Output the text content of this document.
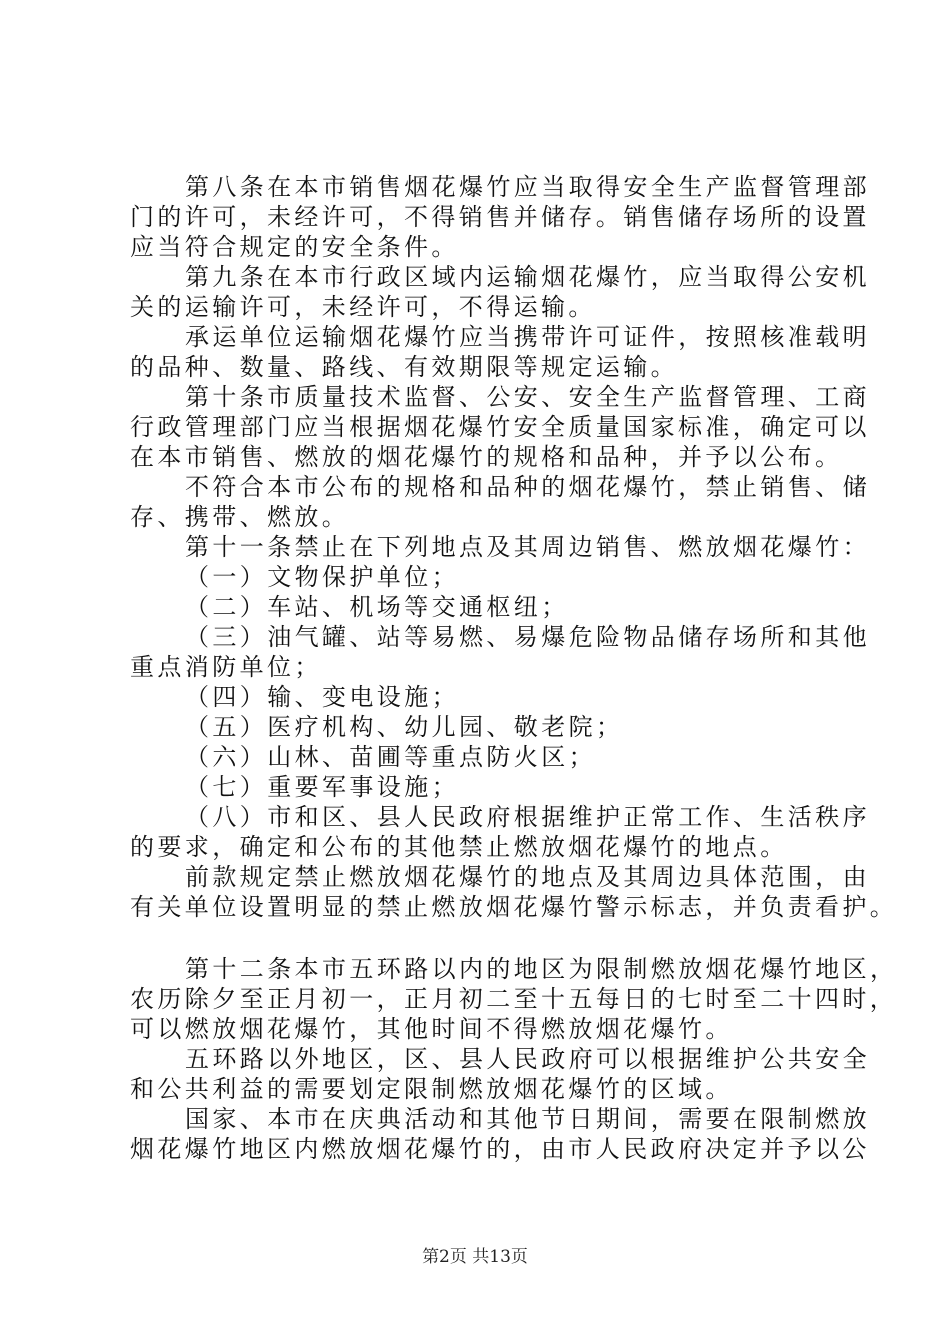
第八条在本市销售烟花爆竹应当取得安全生产监督管理部
门的许可，未经许可，不得销售并储存。销售储存场所的设置
应当符合规定的安全条件。
第九条在本市行政区域内运输烟花爆竹，应当取得公安机
关的运输许可，未经许可，不得运输。
承运单位运输烟花爆竹应当携带许可证件，按照核准载明
的品种、数量、路线、有效期限等规定运输。
第十条市质量技术监督、公安、安全生产监督管理、工商
行政管理部门应当根据烟花爆竹安全质量国家标准，确定可以
在本市销售、燃放的烟花爆竹的规格和品种，并予以公布。
不符合本市公布的规格和品种的烟花爆竹，禁止销售、储
存、携带、燃放。
第十一条禁止在下列地点及其周边销售、燃放烟花爆竹：
（一）文物保护单位；
（二）车站、机场等交通枢纽；
（三）油气罐、站等易燃、易爆危险物品储存场所和其他
重点消防单位；
（四）输、变电设施；
（五）医疗机构、幼儿园、敬老院；
（六）山林、苗圃等重点防火区；
（七）重要军事设施；
（八）市和区、县人民政府根据维护正常工作、生活秩序
的要求，确定和公布的其他禁止燃放烟花爆竹的地点。
前款规定禁止燃放烟花爆竹的地点及其周边具体范围，由
有关单位设置明显的禁止燃放烟花爆竹警示标志，并负责看护。
第十二条本市五环路以内的地区为限制燃放烟花爆竹地区，
农历除夕至正月初一，正月初二至十五每日的七时至二十四时，
可以燃放烟花爆竹，其他时间不得燃放烟花爆竹。
五环路以外地区，区、县人民政府可以根据维护公共安全
和公共利益的需要划定限制燃放烟花爆竹的区域。
国家、本市在庆典活动和其他节日期间，需要在限制燃放
烟花爆竹地区内燃放烟花爆竹的，由市人民政府决定并予以公
第2页 共13页
